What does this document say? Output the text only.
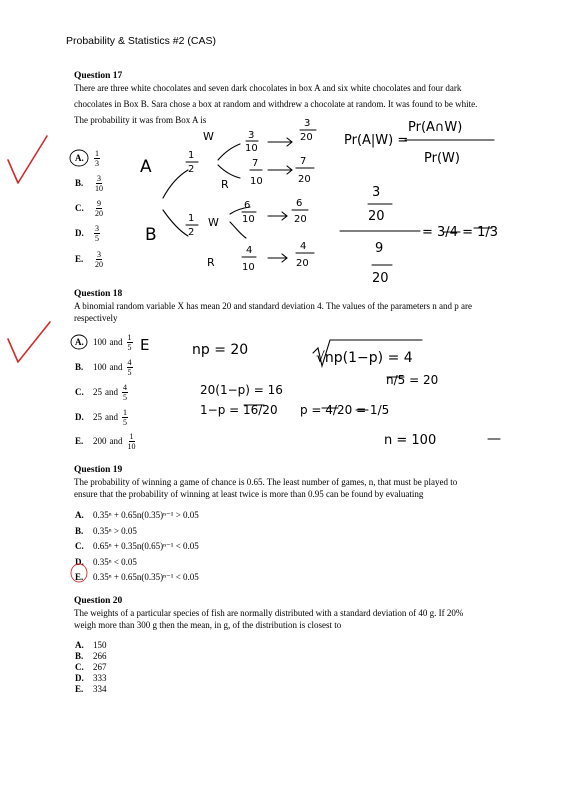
Probability & Statistics #2 (CAS)
Question 17
There are three white chocolates and seven dark chocolates in box A and six white chocolates and four dark
chocolates in Box B. Sara chose a box at random and withdrew a chocolate at random. It was found to be white.
The probability it was from Box A is
A.	$\frac{1}{3}$
B.	$\frac{3}{10}$
C.	$\frac{9}{20}$
D.	$\frac{3}{5}$
E.	$\frac{3}{20}$
Question 18
A binomial random variable X has mean 20 and standard deviation 4. The values of the parameters n and p are
respectively
A.	100 and $\frac{1}{5}$
B.	100 and $\frac{4}{5}$
C.	25 and $\frac{4}{5}$
D.	25 and $\frac{1}{5}$
E.	200 and $\frac{1}{10}$
Question 19
The probability of winning a game of chance is 0.65. The least number of games, n, that must be played to
ensure that the probability of winning at least twice is more than 0.95 can be found by evaluating
A.	0.35ⁿ + 0.65n(0.35)ⁿ⁻¹ > 0.05
B.	0.35ⁿ > 0.05
C.	0.65ⁿ + 0.35n(0.65)ⁿ⁻¹ < 0.05
D.	0.35ⁿ < 0.05
E.	0.35ⁿ + 0.65n(0.35)ⁿ⁻¹ < 0.05
Question 20
The weights of a particular species of fish are normally distributed with a standard deviation of 40 g. If 20%
weigh more than 300 g then the mean, in g, of the distribution is closest to
A.	150
B.	266
C.	267
D.	333
E.	334
A
B
W
R
W
R
1
2
1
2
3
10
3
20
7
10
7
20
6
10
6
20
4
10
4
20
Pr(A|W) =
Pr(A∩W)
Pr(W)
3
20
9
20
= 3/4 = 1/3
E	np = 20	√np(1−p) = 4
20(1−p) = 16
1−p = 16/20 p = 4/20 = 1/5
n/5 = 20
n = 100
